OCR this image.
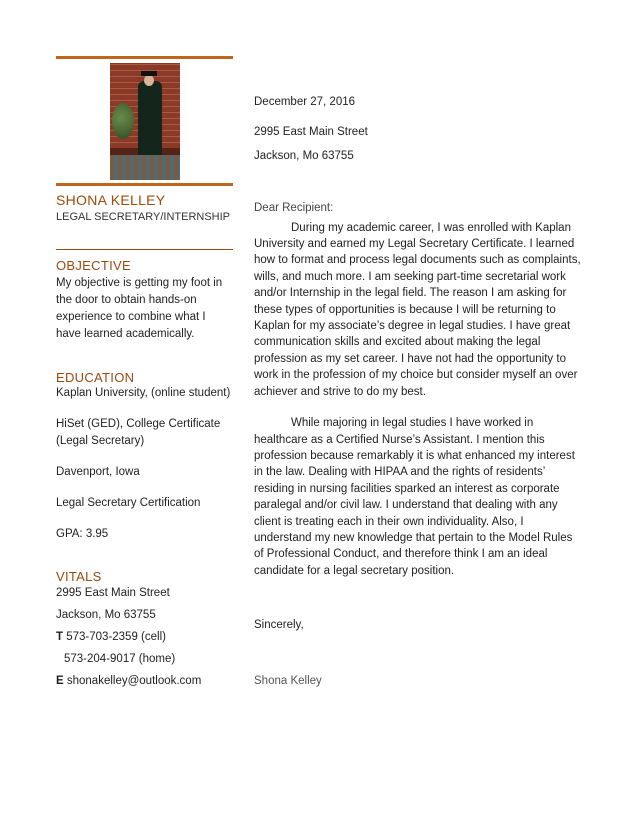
SHONA KELLEY
LEGAL SECRETARY/INTERNSHIP
OBJECTIVE
My objective is getting my foot in the door to obtain hands-on experience to combine what I have learned academically.
EDUCATION
Kaplan University, (online student)
HiSet (GED), College Certificate (Legal Secretary)
Davenport, Iowa
Legal Secretary Certification
GPA: 3.95
VITALS
2995 East Main Street
Jackson, Mo 63755
T 573-703-2359 (cell)
573-204-9017 (home)
E shonakelley@outlook.com
December 27, 2016
2995 East Main Street
Jackson, Mo 63755
Dear Recipient:
During my academic career, I was enrolled with Kaplan University and earned my Legal Secretary Certificate. I learned how to format and process legal documents such as complaints, wills, and much more. I am seeking part-time secretarial work and/or Internship in the legal field. The reason I am asking for these types of opportunities is because I will be returning to Kaplan for my associate’s degree in legal studies. I have great communication skills and excited about making the legal profession as my set career. I have not had the opportunity to work in the profession of my choice but consider myself an over achiever and strive to do my best.
While majoring in legal studies I have worked in healthcare as a Certified Nurse’s Assistant. I mention this profession because remarkably it is what enhanced my interest in the law. Dealing with HIPAA and the rights of residents’ residing in nursing facilities sparked an interest as corporate paralegal and/or civil law. I understand that dealing with any client is treating each in their own individuality. Also, I understand my new knowledge that pertain to the Model Rules of Professional Conduct, and therefore think I am an ideal candidate for a legal secretary position.
Sincerely,
Shona Kelley
